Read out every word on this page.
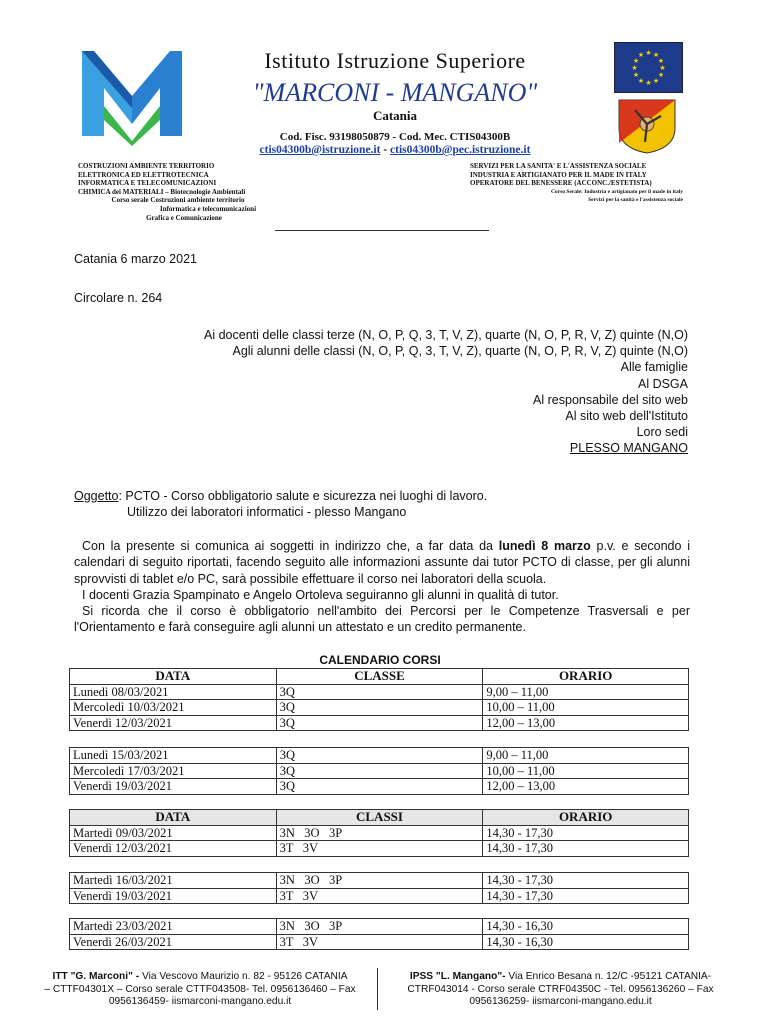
Istituto Istruzione Superiore
"MARCONI - MANGANO"
Catania
Cod. Fisc. 93198050879 - Cod. Mec. CTIS04300B
ctis04300b@istruzione.it - ctis04300b@pec.istruzione.it
★ ★
★
★
★
★
★
★
★
★
★
★
COSTRUZIONI AMBIENTE TERRITORIO
ELETTRONICA ED ELETTROTECNICA
INFORMATICA E TELECOMUNICAZIONI
CHIMICA dei MATERIALI – Biotecnologie Ambientali
Corso serale Costruzioni ambiente territorio
Informatica e telecomunicazioni
Grafica e Comunicazione
SERVIZI PER LA SANITA' E L'ASSISTENZA SOCIALE
INDUSTRIA E ARTIGIANATO PER IL MADE IN ITALY
OPERATORE DEL BENESSERE (ACCONC./ESTETISTA)
Corso Serale: Industria e artigianato per il made in italy
Servizi per la sanità e l'assistenza sociale
Catania 6 marzo 2021
Circolare n. 264
Ai docenti delle classi terze (N, O, P, Q, 3, T, V, Z), quarte (N, O, P, R, V, Z) quinte (N,O)
Agli alunni delle classi (N, O, P, Q, 3, T, V, Z), quarte (N, O, P, R, V, Z) quinte (N,O)
Alle famiglie
Al DSGA
Al responsabile del sito web
Al sito web dell'Istituto
Loro sedi
PLESSO MANGANO
Oggetto: PCTO - Corso obbligatorio salute e sicurezza nei luoghi di lavoro.
Utilizzo dei laboratori informatici - plesso Mangano

Con la presente si comunica ai soggetti in indirizzo che, a far data da lunedì 8 marzo p.v. e secondo i calendari di seguito riportati, facendo seguito alle informazioni assunte dai tutor PCTO di classe, per gli alunni sprovvisti di tablet e/o PC, sarà possibile effettuare il corso nei laboratori della scuola.

I docenti Grazia Spampinato e Angelo Ortoleva seguiranno gli alunni in qualità di tutor.

Si ricorda che il corso è obbligatorio nell'ambito dei Percorsi per le Competenze Trasversali e per l'Orientamento e farà conseguire agli alunni un attestato e un credito permanente.

CALENDARIO CORSI
DATA	CLASSE	ORARIO
Lunedì 08/03/2021	3Q	9,00 – 11,00
Mercoledì 10/03/2021	3Q	10,00 – 11,00
Venerdì 12/03/2021	3Q	12,00 – 13,00
Lunedì 15/03/2021	3Q	9,00 – 11,00
Mercoledì 17/03/2021	3Q	10,00 – 11,00
Venerdì 19/03/2021	3Q	12,00 – 13,00
DATA	CLASSI	ORARIO
Martedì 09/03/2021	3N   3O   3P	14,30 - 17,30
Venerdì 12/03/2021	3T   3V	14,30 - 17,30
Martedì 16/03/2021	3N   3O   3P	14,30 - 17,30
Venerdì 19/03/2021	3T   3V	14,30 - 17,30
Martedì 23/03/2021	3N   3O   3P	14,30 - 16,30
Venerdì 26/03/2021	3T   3V	14,30 - 16,30
ITT "G. Marconi" - Via Vescovo Maurizio n. 82 - 95126 CATANIA
– CTTF04301X – Corso serale CTTF043508- Tel. 0956136460 – Fax
0956136459- iismarconi-mangano.edu.it
IPSS "L. Mangano"- Via Enrico Besana n. 12/C -95121 CATANIA-
CTRF043014 - Corso serale CTRF04350C - Tel. 0956136260 – Fax
0956136259- iismarconi-mangano.edu.it
